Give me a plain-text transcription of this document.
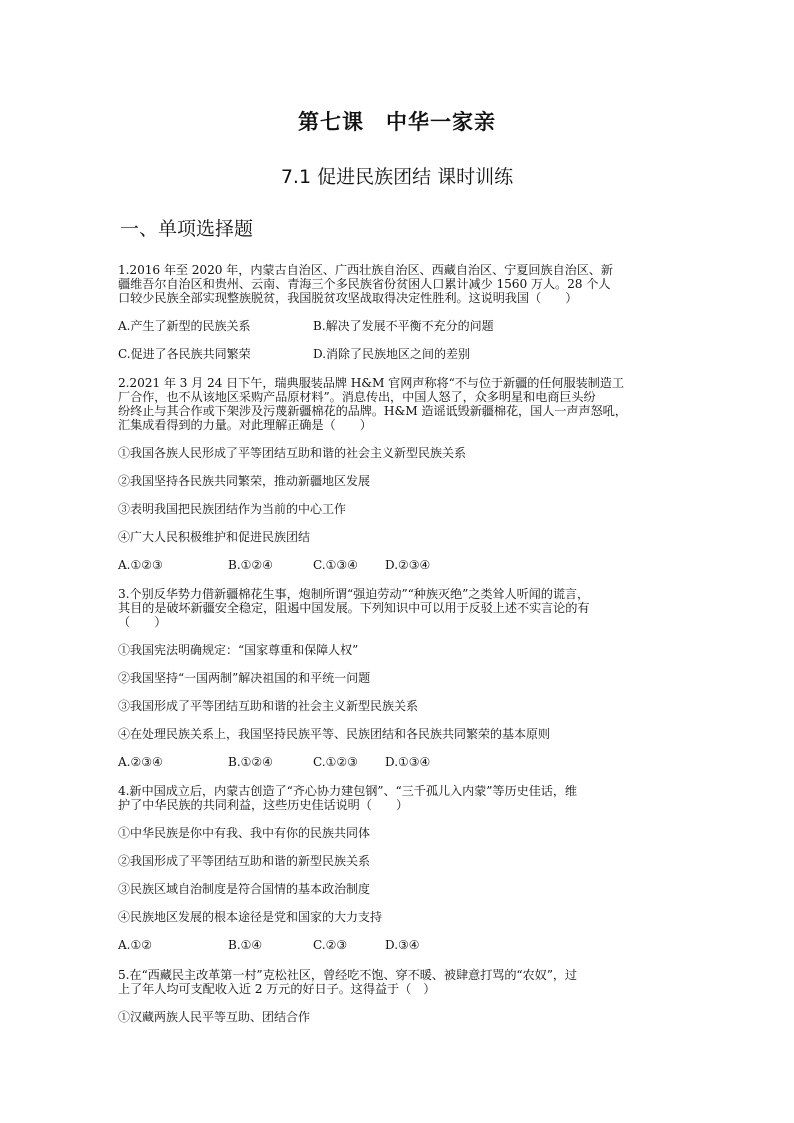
第七课　中华一家亲
7.1 促进民族团结 课时训练
一、单项选择题
1.2016 年至 2020 年，内蒙古自治区、广西壮族自治区、西藏自治区、宁夏回族自治区、新
疆维吾尔自治区和贵州、云南、青海三个多民族省份贫困人口累计减少 1560 万人。28 个人
口较少民族全部实现整族脱贫，我国脱贫攻坚战取得决定性胜利。这说明我国（　　）
A.产生了新型的民族关系	B.解决了发展不平衡不充分的问题
C.促进了各民族共同繁荣	D.消除了民族地区之间的差别
2.2021 年 3 月 24 日下午，瑞典服装品牌 H&M 官网声称将“不与位于新疆的任何服装制造工
厂合作，也不从该地区采购产品原材料”。消息传出，中国人怒了，众多明星和电商巨头纷
纷终止与其合作或下架涉及污蔑新疆棉花的品牌。H&M 造谣诋毁新疆棉花，国人一声声怒吼，
汇集成看得到的力量。对此理解正确是（　　）
①我国各族人民形成了平等团结互助和谐的社会主义新型民族关系
②我国坚持各民族共同繁荣，推动新疆地区发展
③表明我国把民族团结作为当前的中心工作
④广大人民积极维护和促进民族团结
A.①②③	B.①②④	C.①③④ D.②③④
3.个别反华势力借新疆棉花生事，炮制所谓“强迫劳动”“种族灭绝”之类耸人听闻的谎言，
其目的是破坏新疆安全稳定，阻遏中国发展。下列知识中可以用于反驳上述不实言论的有
（　　）
①我国宪法明确规定：“国家尊重和保障人权”
②我国坚持“一国两制”解决祖国的和平统一问题
③我国形成了平等团结互助和谐的社会主义新型民族关系
④在处理民族关系上，我国坚持民族平等、民族团结和各民族共同繁荣的基本原则
A.②③④	B.①②④	C.①②③ D.①③④
4.新中国成立后，内蒙古创造了“齐心协力建包钢”、“三千孤儿入内蒙”等历史佳话，维
护了中华民族的共同利益，这些历史佳话说明（　　）
①中华民族是你中有我、我中有你的民族共同体
②我国形成了平等团结互助和谐的新型民族关系
③民族区域自治制度是符合国情的基本政治制度
④民族地区发展的根本途径是党和国家的大力支持
A.①②	B.①④	C.②③	D.③④
5.在“西藏民主改革第一村”克松社区，曾经吃不饱、穿不暖、被肆意打骂的“农奴”，过
上了年人均可支配收入近 2 万元的好日子。这得益于（　）
①汉藏两族人民平等互助、团结合作
